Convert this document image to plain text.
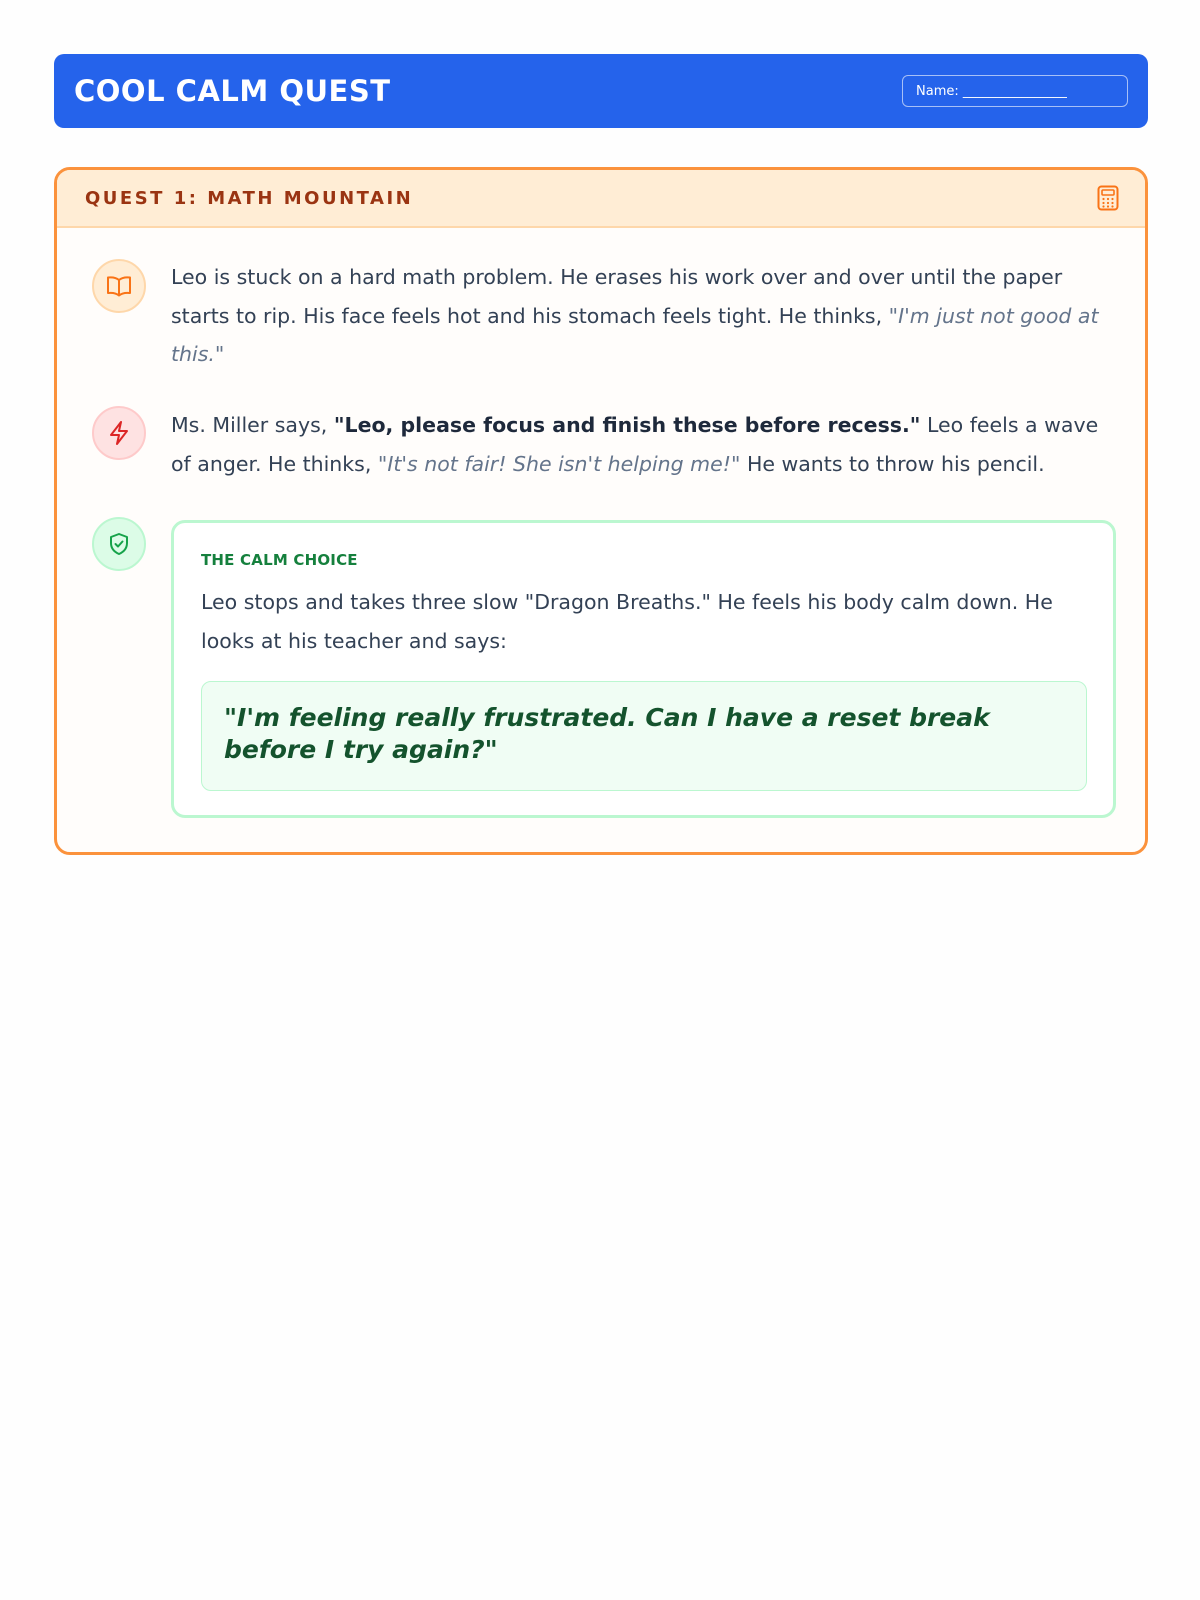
COOL CALM QUEST	Name: ________________
QUEST 1: MATH MOUNTAIN
Leo is stuck on a hard math problem. He erases his work over and over until the paper starts to rip. His face feels hot and his stomach feels tight. He thinks, "I'm just not good at this."
Ms. Miller says, "Leo, please focus and finish these before recess." Leo feels a wave of anger. He thinks, "It's not fair! She isn't helping me!" He wants to throw his pencil.
THE CALM CHOICE
Leo stops and takes three slow "Dragon Breaths." He feels his body calm down. He looks at his teacher and says:
"I'm feeling really frustrated. Can I have a reset break before I try again?"
